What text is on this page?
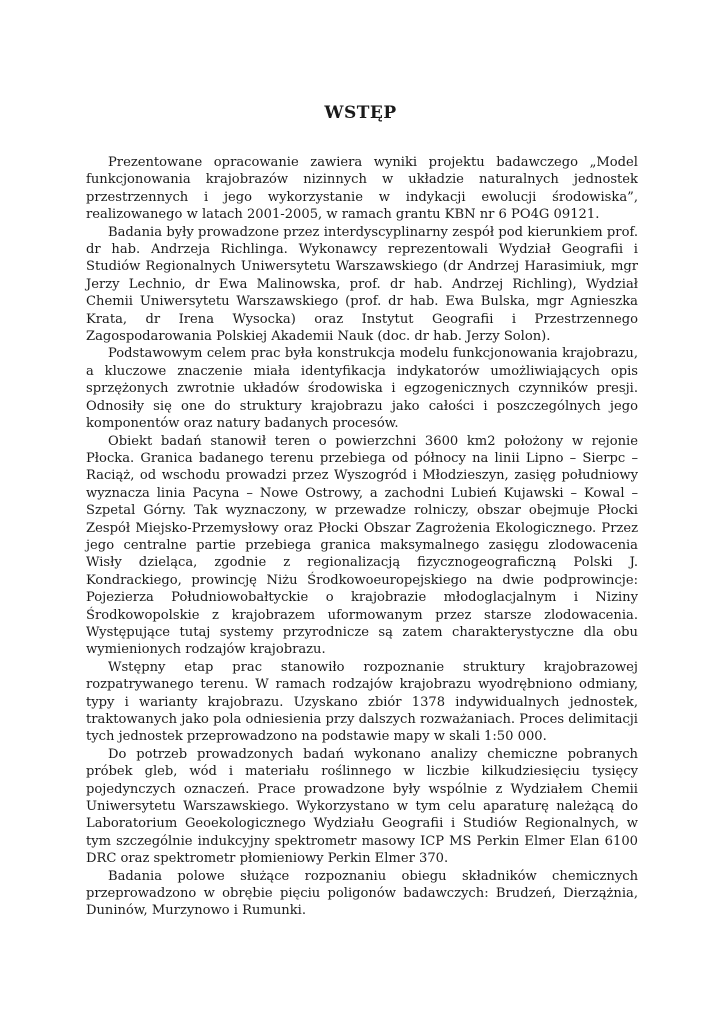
WSTĘP

Prezentowane opracowanie zawiera wyniki projektu badawczego „Model funkcjonowania krajobrazów nizinnych w układzie naturalnych jednostek przestrzennych i jego wykorzystanie w indykacji ewolucji środowiska”, realizowanego w latach 2001-2005, w ramach grantu KBN nr 6 PO4G 09121.

Badania były prowadzone przez interdyscyplinarny zespół pod kierunkiem prof. dr hab. Andrzeja Richlinga. Wykonawcy reprezentowali Wydział Geografii i Studiów Regionalnych Uniwersytetu Warszawskiego (dr Andrzej Harasimiuk, mgr Jerzy Lechnio, dr Ewa Malinowska, prof. dr hab. Andrzej Richling), Wydział Chemii Uniwersytetu Warszawskiego (prof. dr hab. Ewa Bulska, mgr Agnieszka Krata, dr Irena Wysocka) oraz Instytut Geografii i Przestrzennego Zagospodarowania Polskiej Akademii Nauk (doc. dr hab. Jerzy Solon).

Podstawowym celem prac była konstrukcja modelu funkcjonowania krajobrazu, a kluczowe znaczenie miała identyfikacja indykatorów umożliwiających opis sprzężonych zwrotnie układów środowiska i egzogenicznych czynników presji. Odnosiły się one do struktury krajobrazu jako całości i poszczególnych jego komponentów oraz natury badanych procesów.

Obiekt badań stanowił teren o powierzchni 3600 km2 położony w rejonie Płocka. Granica badanego terenu przebiega od północy na linii Lipno – Sierpc – Raciąż, od wschodu prowadzi przez Wyszogród i Młodzieszyn, zasięg południowy wyznacza linia Pacyna – Nowe Ostrowy, a zachodni Lubień Kujawski – Kowal – Szpetal Górny. Tak wyznaczony, w przewadze rolniczy, obszar obejmuje Płocki Zespół Miejsko-Przemysłowy oraz Płocki Obszar Zagrożenia Ekologicznego. Przez jego centralne partie przebiega granica maksymalnego zasięgu zlodowacenia Wisły dzieląca, zgodnie z regionalizacją fizycznogeograficzną Polski J. Kondrackiego, prowincję Niżu Środkowoeuropejskiego na dwie podprowincje: Pojezierza Południowobałtyckie o krajobrazie młodoglacjalnym i Niziny Środkowopolskie z krajobrazem uformowanym przez starsze zlodowacenia. Występujące tutaj systemy przyrodnicze są zatem charakterystyczne dla obu wymienionych rodzajów krajobrazu.

Wstępny etap prac stanowiło rozpoznanie struktury krajobrazowej rozpatrywanego terenu. W ramach rodzajów krajobrazu wyodrębniono odmiany, typy i warianty krajobrazu. Uzyskano zbiór 1378 indywidualnych jednostek, traktowanych jako pola odniesienia przy dalszych rozważaniach. Proces delimitacji tych jednostek przeprowadzono na podstawie mapy w skali 1:50 000.

Do potrzeb prowadzonych badań wykonano analizy chemiczne pobranych próbek gleb, wód i materiału roślinnego w liczbie kilkudziesięciu tysięcy pojedynczych oznaczeń. Prace prowadzone były wspólnie z Wydziałem Chemii Uniwersytetu Warszawskiego. Wykorzystano w tym celu aparaturę należącą do Laboratorium Geoekologicznego Wydziału Geografii i Studiów Regionalnych, w tym szczególnie indukcyjny spektrometr masowy ICP MS Perkin Elmer Elan 6100 DRC oraz spektrometr płomieniowy Perkin Elmer 370.

Badania polowe służące rozpoznaniu obiegu składników chemicznych przeprowadzono w obrębie pięciu poligonów badawczych: Brudzeń, Dierzążnia, Duninów, Murzynowo i Rumunki.
